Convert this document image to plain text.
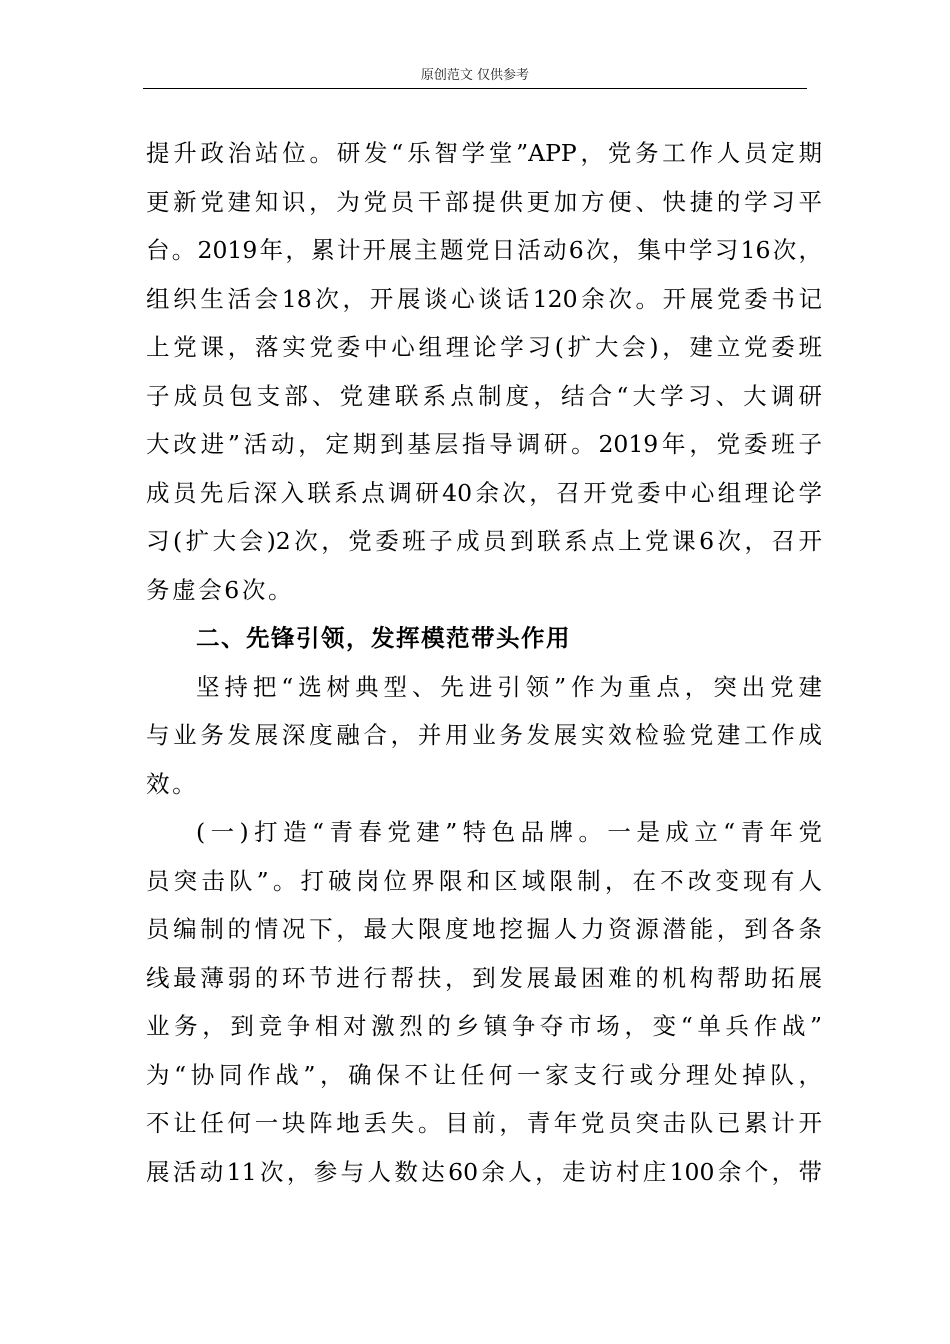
原创范文 仅供参考
提升政治站位。研发“乐智学堂”APP，党务工作人员定期
更新党建知识，为党员干部提供更加方便、快捷的学习平
台。2019年，累计开展主题党日活动6次，集中学习16次，
组织生活会18次，开展谈心谈话120余次。开展党委书记
上党课，落实党委中心组理论学习(扩大会)，建立党委班
子成员包支部、党建联系点制度，结合“大学习、大调研
大改进”活动，定期到基层指导调研。2019年，党委班子
成员先后深入联系点调研40余次，召开党委中心组理论学
习(扩大会)2次，党委班子成员到联系点上党课6次，召开
务虚会6次。
二、先锋引领，发挥模范带头作用
坚持把“选树典型、先进引领”作为重点，突出党建
与业务发展深度融合，并用业务发展实效检验党建工作成
效。
(一)打造“青春党建”特色品牌。一是成立“青年党
员突击队”。打破岗位界限和区域限制，在不改变现有人
员编制的情况下，最大限度地挖掘人力资源潜能，到各条
线最薄弱的环节进行帮扶，到发展最困难的机构帮助拓展
业务，到竞争相对激烈的乡镇争夺市场，变“单兵作战”
为“协同作战”，确保不让任何一家支行或分理处掉队，
不让任何一块阵地丢失。目前，青年党员突击队已累计开
展活动11次，参与人数达60余人，走访村庄100余个，带
